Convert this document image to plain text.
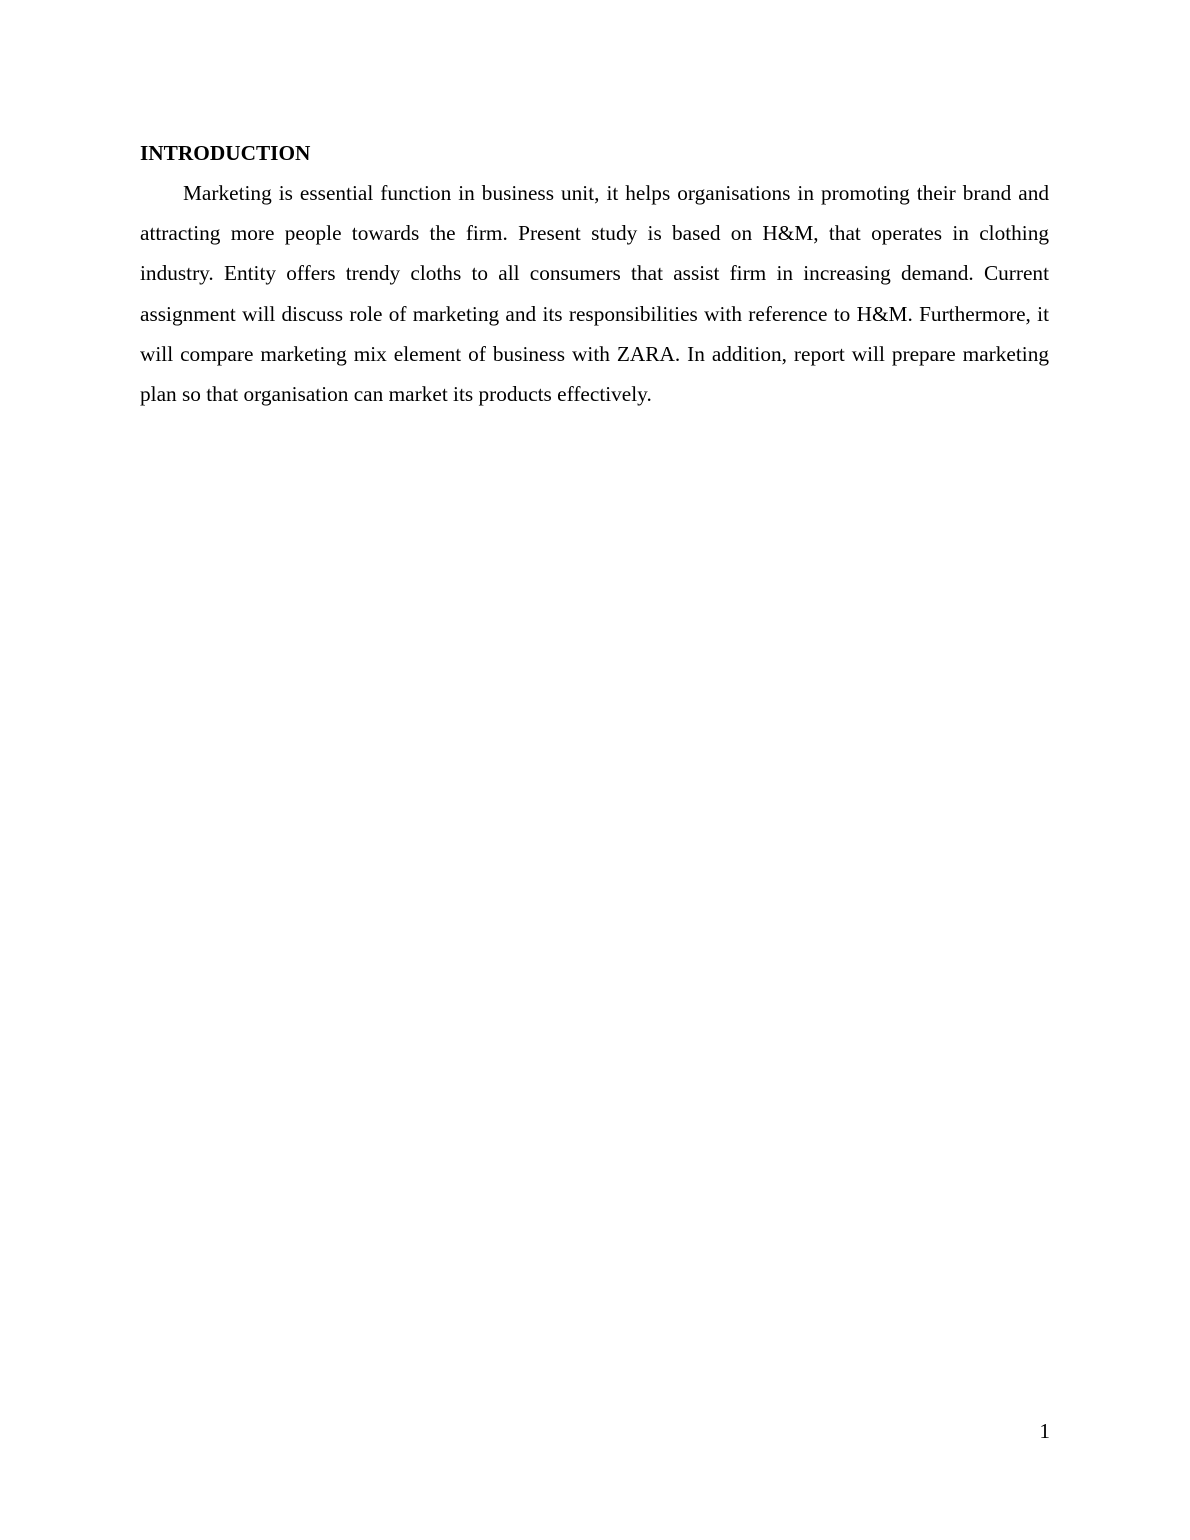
INTRODUCTION

Marketing is essential function in business unit, it helps organisations in promoting their brand and attracting more people towards the firm. Present study is based on H&M, that operates in clothing industry. Entity offers trendy cloths to all consumers that assist firm in increasing demand. Current assignment will discuss role of marketing and its responsibilities with reference to H&M. Furthermore, it will compare marketing mix element of business with ZARA. In addition, report will prepare marketing plan so that organisation can market its products effectively.

1
